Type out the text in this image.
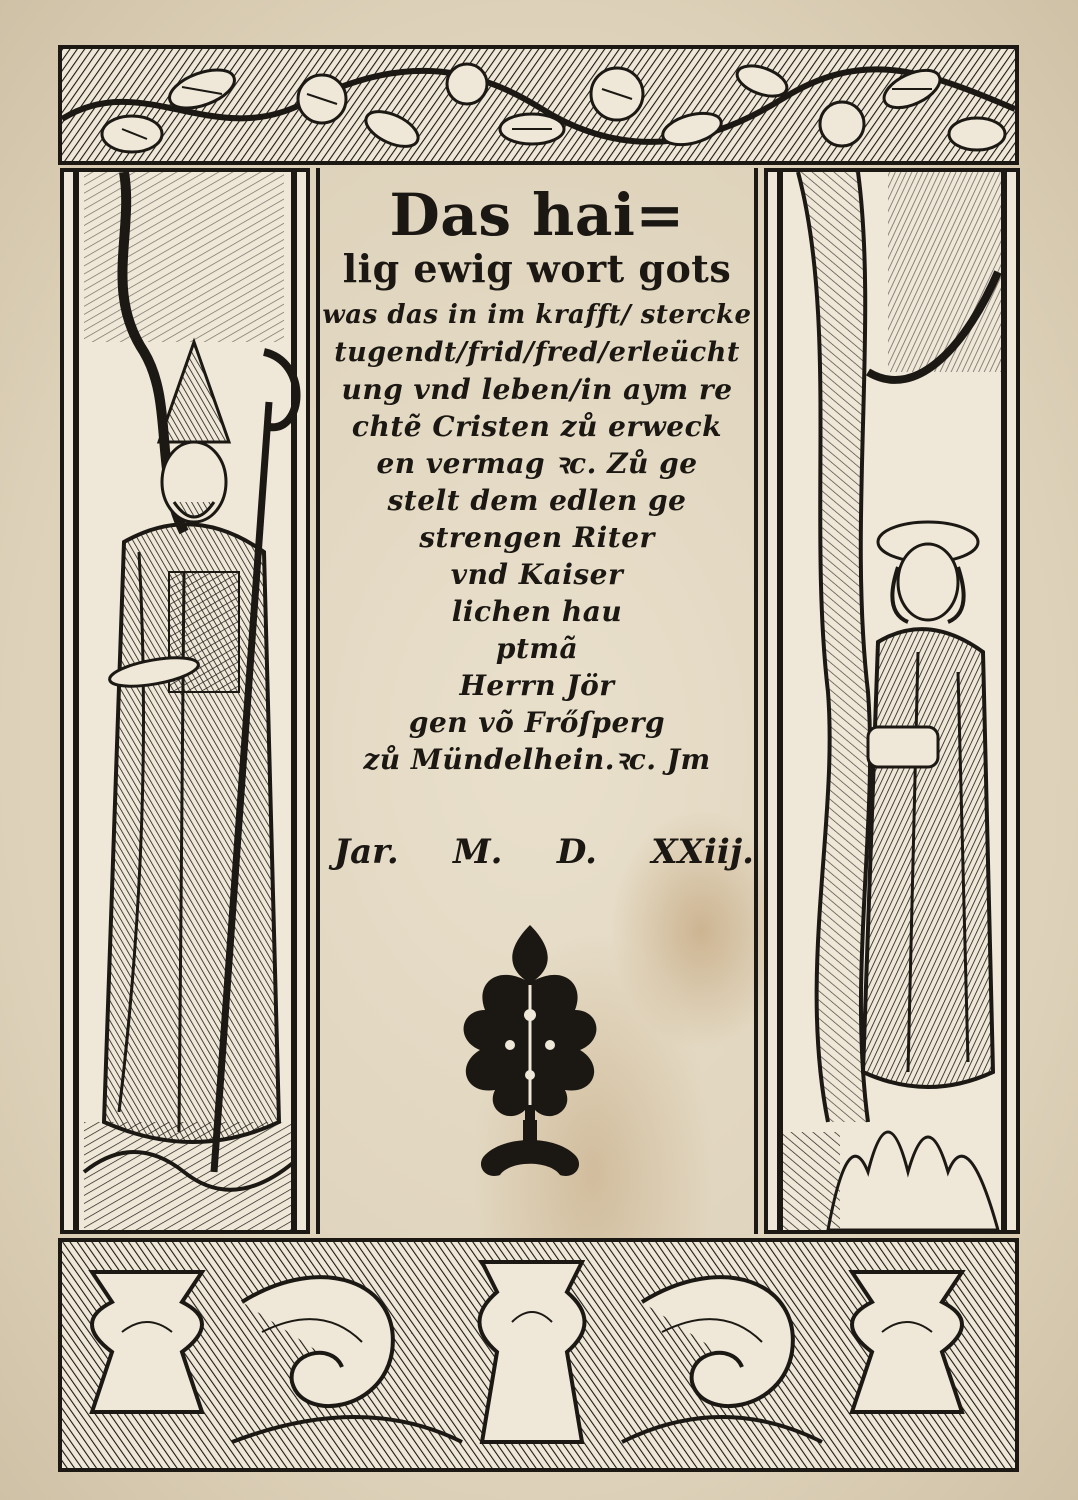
Das hai=
lig ewig wort gots
was das in im krafft/ stercke
tugendt/frid/fred/erleücht
ung vnd leben/in aym re
chtẽ Cristen zů erweck
en vermag ꝛc. Zů ge
stelt dem edlen ge
strengen Riter
vnd Kaiser
lichen hau
ptmã
Herrn Jör
gen võ Frőſperg
zů Mündelhein.ꝛc. Jm
Jar. M. D. XXiij.
